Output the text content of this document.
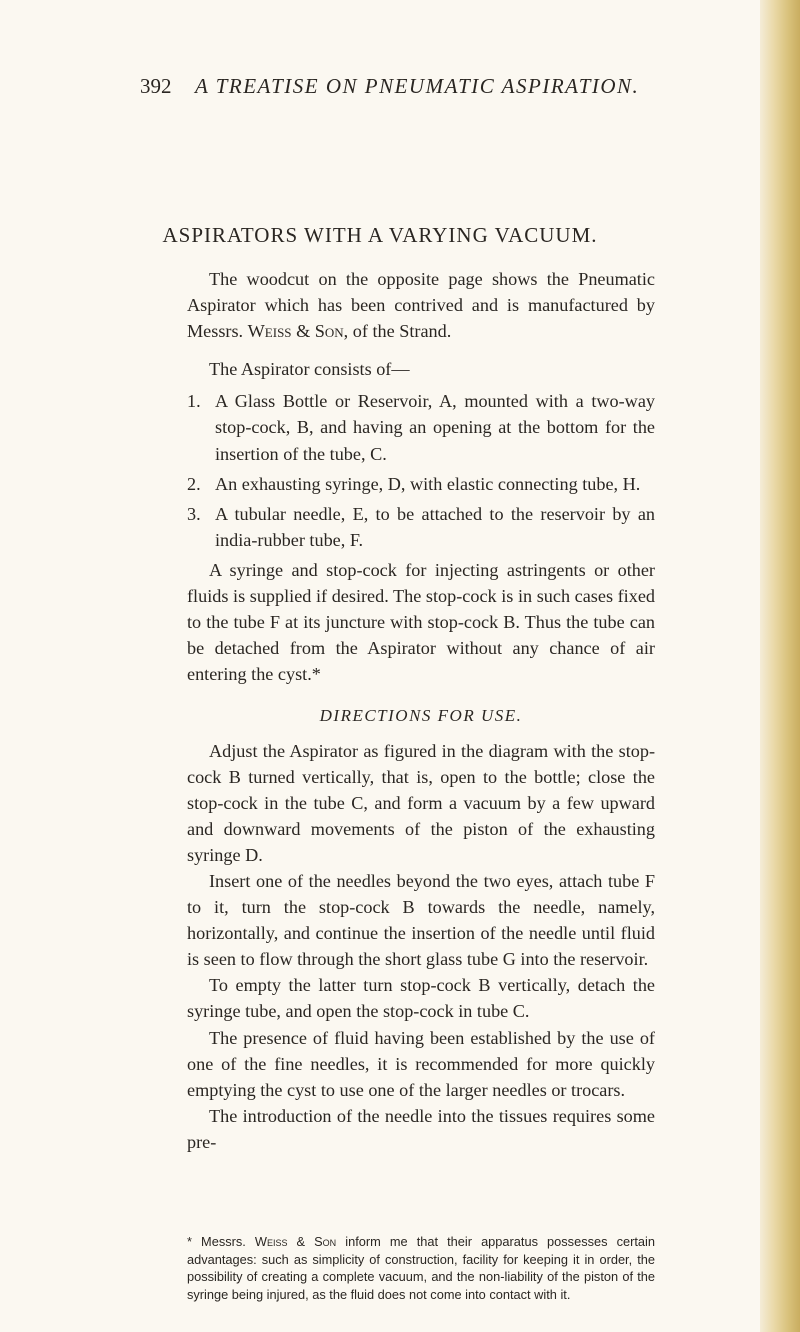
392 A TREATISE ON PNEUMATIC ASPIRATION.
ASPIRATORS WITH A VARYING VACUUM.

The woodcut on the opposite page shows the Pneumatic Aspirator which has been contrived and is manufactured by Messrs. Weiss & Son, of the Strand.

The Aspirator consists of—

1. A Glass Bottle or Reservoir, A, mounted with a two-way stop-cock, B, and having an opening at the bottom for the insertion of the tube, C.
2. An exhausting syringe, D, with elastic connecting tube, H.
3. A tubular needle, E, to be attached to the reservoir by an india-rubber tube, F.

A syringe and stop-cock for injecting astringents or other fluids is supplied if desired. The stop-cock is in such cases fixed to the tube F at its juncture with stop-cock B. Thus the tube can be detached from the Aspirator without any chance of air entering the cyst.*

DIRECTIONS FOR USE.

Adjust the Aspirator as figured in the diagram with the stop-cock B turned vertically, that is, open to the bottle; close the stop-cock in the tube C, and form a vacuum by a few upward and downward movements of the piston of the exhausting syringe D.

Insert one of the needles beyond the two eyes, attach tube F to it, turn the stop-cock B towards the needle, namely, horizontally, and continue the insertion of the needle until fluid is seen to flow through the short glass tube G into the reservoir.

To empty the latter turn stop-cock B vertically, detach the syringe tube, and open the stop-cock in tube C.

The presence of fluid having been established by the use of one of the fine needles, it is recommended for more quickly emptying the cyst to use one of the larger needles or trocars.

The introduction of the needle into the tissues requires some pre-

* Messrs. Weiss & Son inform me that their apparatus possesses certain advantages: such as simplicity of construction, facility for keeping it in order, the possibility of creating a complete vacuum, and the non-liability of the piston of the syringe being injured, as the fluid does not come into contact with it.
